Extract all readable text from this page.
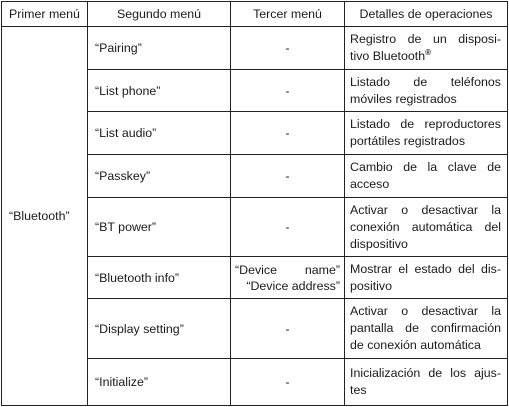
Primer menú	Segundo menú	Tercer menú	Detalles de operaciones
“Bluetooth”	“Pairing”	-	Registro de un disposi-
tivo Bluetooth®

	“List phone”	-	Listado de teléfonos
móviles registrados

	“List audio”	-	Listado de reproductores
portátiles registrados

	“Passkey”	-	Cambio de la clave de
acceso

	“BT power”	-	Activar o desactivar la
conexión automática del
dispositivo

	“Bluetooth info”	“Device name”
“Device address”	Mostrar el estado del dis-
positivo

	“Display setting”	-	Activar o desactivar la
pantalla de confirmación
de conexión automática

	“Initialize”	-	Inicialización de los ajus-
tes
